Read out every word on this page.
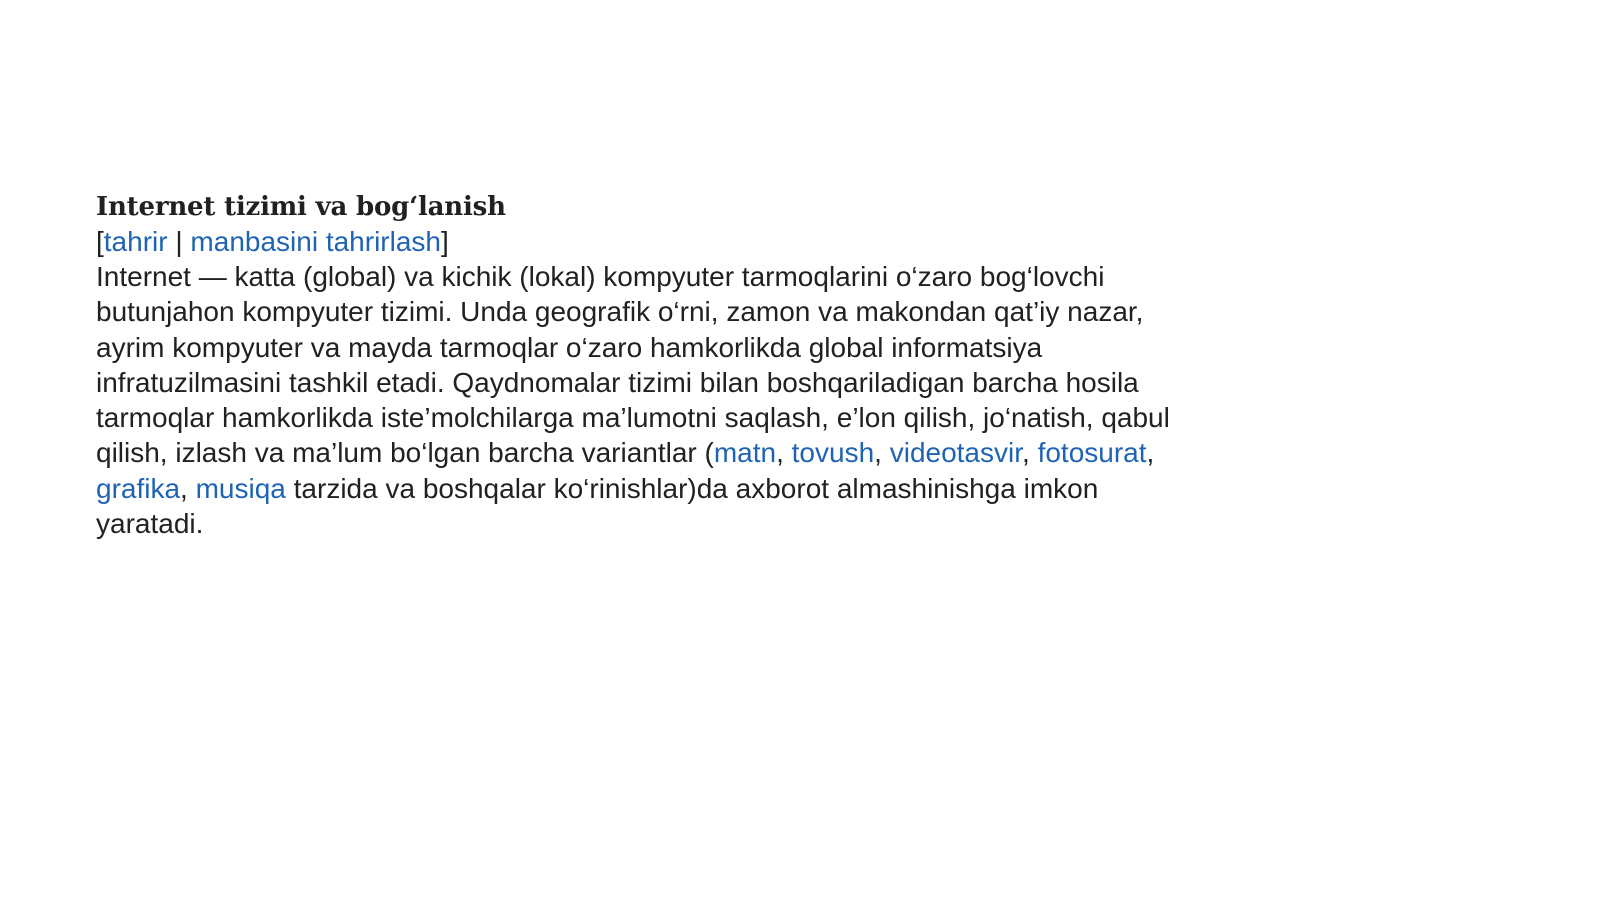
Internet tizimi va bog‘lanish
[tahrir | manbasini tahrirlash]

Internet — katta (global) va kichik (lokal) kompyuter tarmoqlarini o‘zaro bog‘lovchi butunjahon kompyuter tizimi. Unda geografik o‘rni, zamon va makondan qat’iy nazar, ayrim kompyuter va mayda tarmoqlar o‘zaro hamkorlikda global informatsiya infratuzilmasini tashkil etadi. Qaydnomalar tizimi bilan boshqariladigan barcha hosila tarmoqlar hamkorlikda iste’molchilarga ma’lumotni saqlash, e’lon qilish, jo‘natish, qabul qilish, izlash va ma’lum bo‘lgan barcha variantlar (matn, tovush, videotasvir, fotosurat, grafika, musiqa tarzida va boshqalar ko‘rinishlar)da axborot almashinishga imkon yaratadi.
